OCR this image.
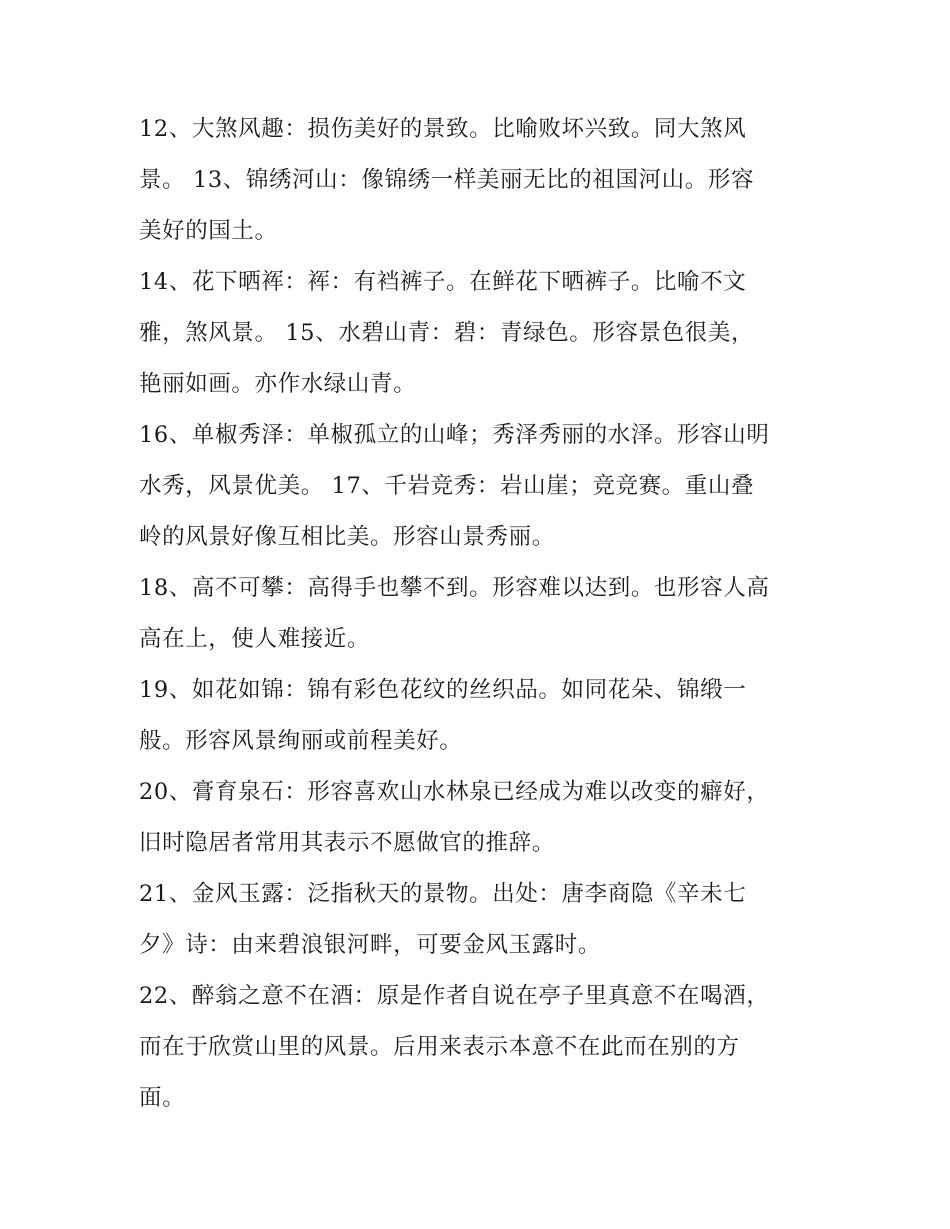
12、大煞风趣：损伤美好的景致。比喻败坏兴致。同大煞风
景。 13、锦绣河山：像锦绣一样美丽无比的祖国河山。形容
美好的国土。
14、花下晒裈：裈：有裆裤子。在鲜花下晒裤子。比喻不文
雅，煞风景。 15、水碧山青：碧：青绿色。形容景色很美，
艳丽如画。亦作水绿山青。
16、单椒秀泽：单椒孤立的山峰；秀泽秀丽的水泽。形容山明
水秀，风景优美。 17、千岩竞秀：岩山崖；竞竞赛。重山叠
岭的风景好像互相比美。形容山景秀丽。
18、高不可攀：高得手也攀不到。形容难以达到。也形容人高
高在上，使人难接近。
19、如花如锦：锦有彩色花纹的丝织品。如同花朵、锦缎一
般。形容风景绚丽或前程美好。
20、膏育泉石：形容喜欢山水林泉已经成为难以改变的癖好，
旧时隐居者常用其表示不愿做官的推辞。
21、金风玉露：泛指秋天的景物。出处：唐李商隐《辛未七
夕》诗：由来碧浪银河畔，可要金风玉露时。
22、醉翁之意不在酒：原是作者自说在亭子里真意不在喝酒，
而在于欣赏山里的风景。后用来表示本意不在此而在别的方
面。
